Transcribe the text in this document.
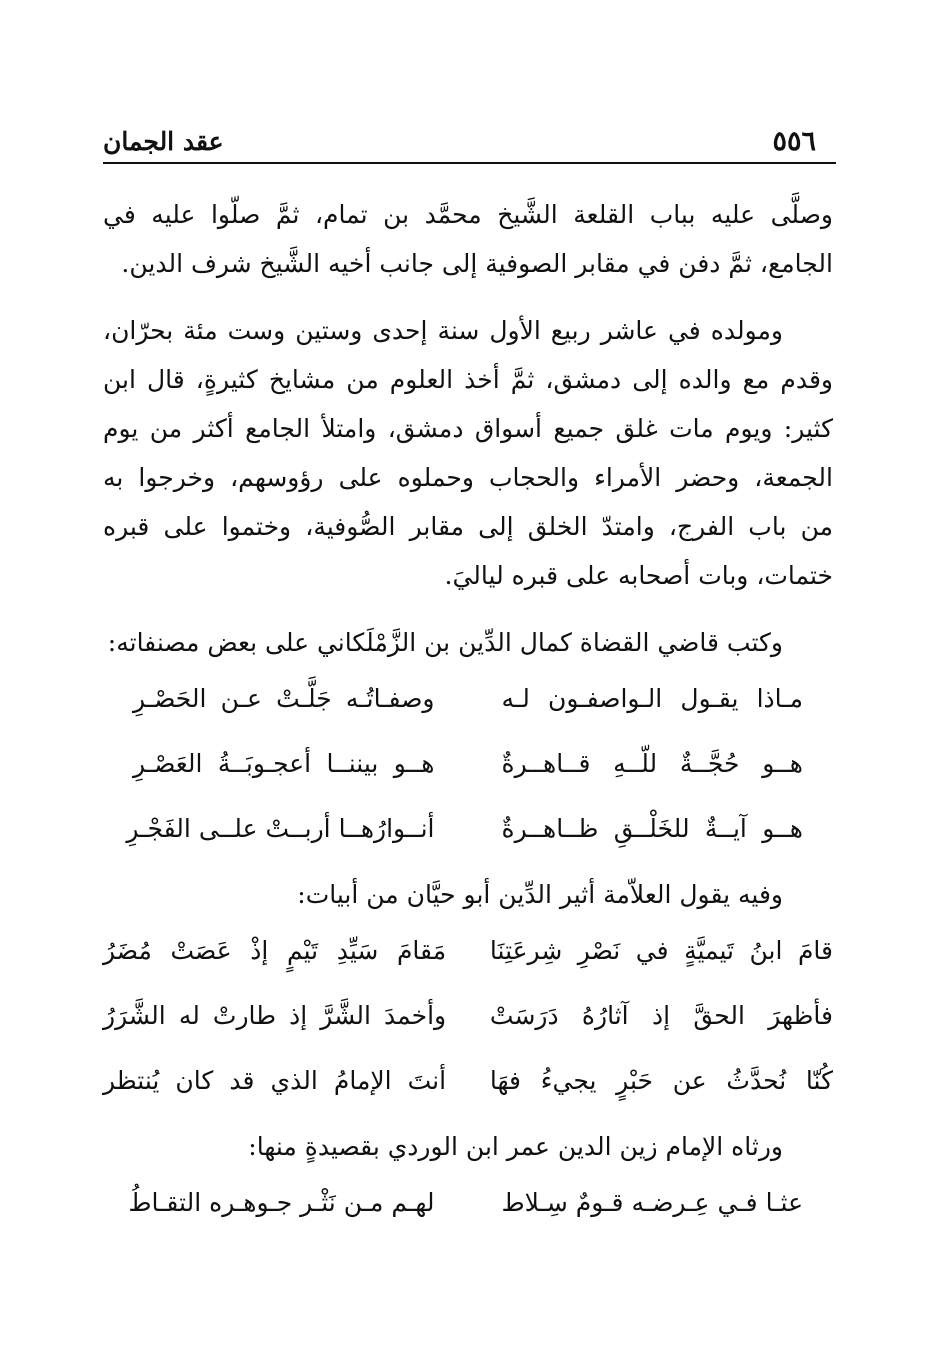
٥٥٦
عقد الجمان
وصلَّى عليه بباب القلعة الشَّيخ محمَّد بن تمام، ثمَّ صلّوا عليه في
الجامع، ثمَّ دفن في مقابر الصوفية إلى جانب أخيه الشَّيخ شرف الدين.
ومولده في عاشر ربيع الأول سنة إحدى وستين وست مئة بحرّان،
وقدم مع والده إلى دمشق، ثمَّ أخذ العلوم من مشايخ كثيرةٍ، قال ابن
كثير: ويوم مات غلق جميع أسواق دمشق، وامتلأ الجامع أكثر من يوم
الجمعة، وحضر الأمراء والحجاب وحملوه على رؤوسهم، وخرجوا به
من باب الفرج، وامتدّ الخلق إلى مقابر الصُّوفية، وختموا على قبره
ختمات، وبات أصحابه على قبره لياليَ.
وكتب قاضي القضاة كمال الدِّين بن الزَّمْلَكاني على بعض مصنفاته:
مـاذا يقـول الـواصفـون لـه
وصفـاتُـه جَلَّـتْ عـن الحَصْـرِ
هــو حُجَّــةٌ للّــهِ قــاهــرةٌ
هــو بيننــا أعجـوبَــةُ العَصْـرِ
هــو آيــةٌ للخَلْــقِ ظــاهــرةٌ
أنــوارُهــا أربــتْ علــى الفَجْـرِ
وفيه يقول العلاّمة أثير الدِّين أبو حيَّان من أبيات:
قامَ ابنُ تَيميَّةٍ في نَصْرِ شِرعَتِنَا
مَقامَ سَيِّدِ تَيْمٍ إذْ عَصَتْ مُضَرُ
فأظهرَ الحقَّ إذ آثارُهُ دَرَسَتْ
وأخمدَ الشَّرَّ إذ طارتْ له الشَّرَرُ
كُنّا نُحدَّثُ عن حَبْرٍ يجيءُ فهَا
أنتَ الإمامُ الذي قد كان يُنتظر
ورثاه الإمام زين الدين عمر ابن الوردي بقصيدةٍ منها:
عثـا فـي عِـرضـه قـومٌ سِـلاط
لهـم مـن نَثْـر جـوهـره التقـاطُ
